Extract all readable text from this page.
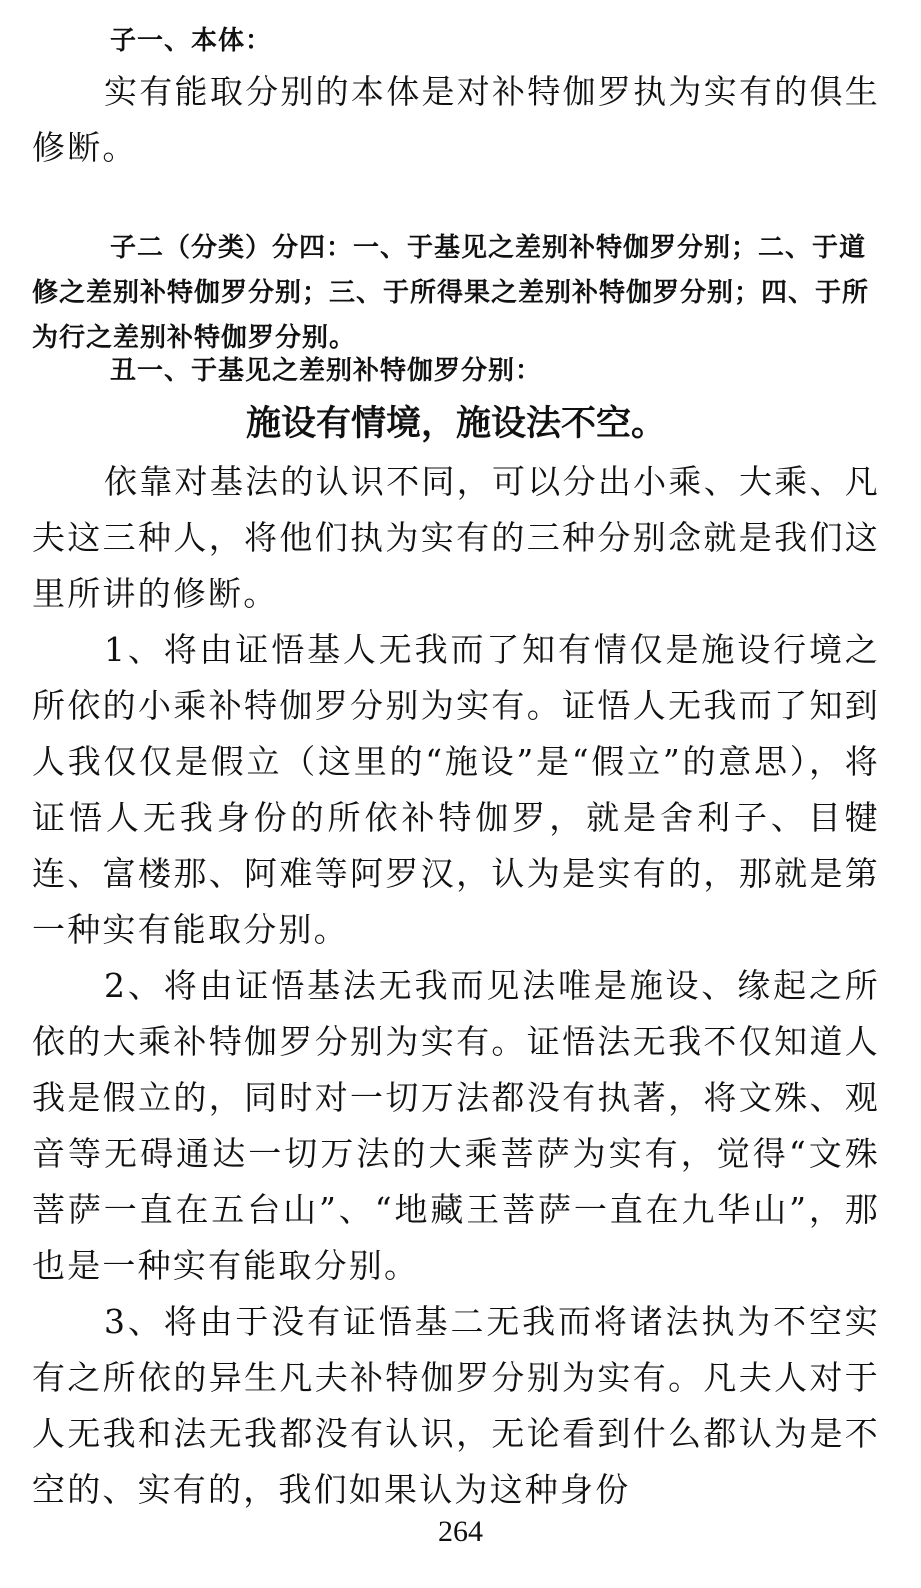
子一、本体：

实有能取分别的本体是对补特伽罗执为实有的俱生修断。

子二（分类）分四：一、于基见之差别补特伽罗分别；二、于道修之差别补特伽罗分别；三、于所得果之差别补特伽罗分别；四、于所为行之差别补特伽罗分别。

丑一、于基见之差别补特伽罗分别：

施设有情境，施设法不空。

依靠对基法的认识不同，可以分出小乘、大乘、凡夫这三种人，将他们执为实有的三种分别念就是我们这里所讲的修断。

1、将由证悟基人无我而了知有情仅是施设行境之所依的小乘补特伽罗分别为实有。证悟人无我而了知到人我仅仅是假立（这里的“施设”是“假立”的意思），将证悟人无我身份的所依补特伽罗，就是舍利子、目犍连、富楼那、阿难等阿罗汉，认为是实有的，那就是第一种实有能取分别。

2、将由证悟基法无我而见法唯是施设、缘起之所依的大乘补特伽罗分别为实有。证悟法无我不仅知道人我是假立的，同时对一切万法都没有执著，将文殊、观音等无碍通达一切万法的大乘菩萨为实有，觉得“文殊菩萨一直在五台山”、“地藏王菩萨一直在九华山”，那也是一种实有能取分别。

3、将由于没有证悟基二无我而将诸法执为不空实有之所依的异生凡夫补特伽罗分别为实有。凡夫人对于人无我和法无我都没有认识，无论看到什么都认为是不空的、实有的，我们如果认为这种身份

264
